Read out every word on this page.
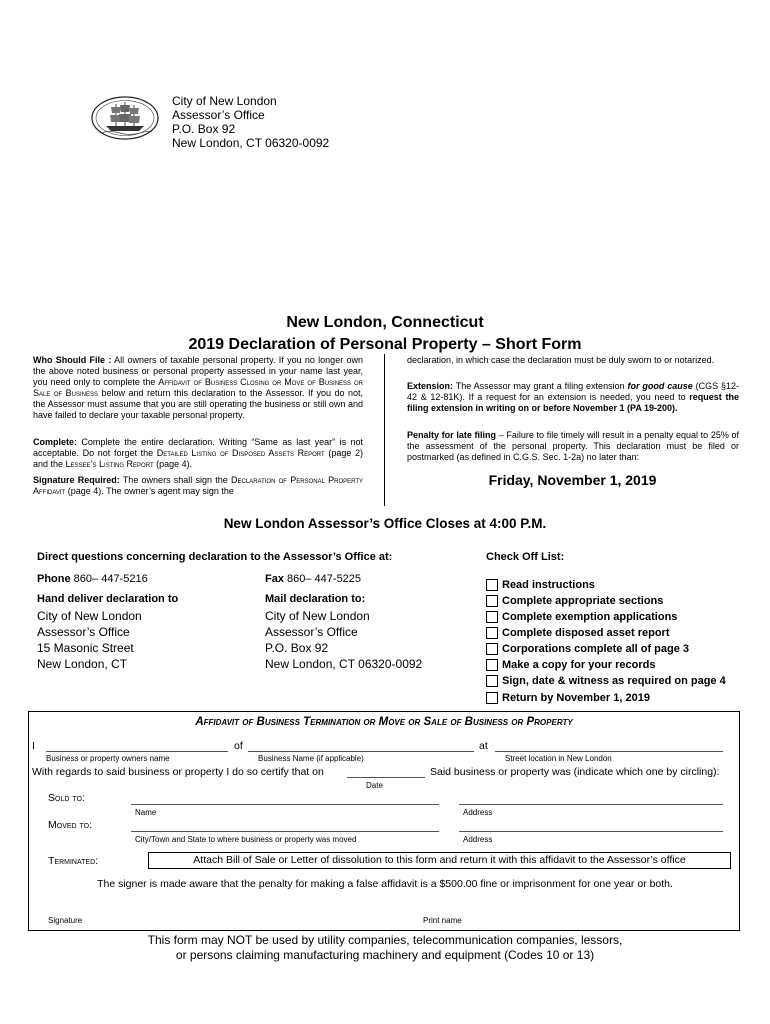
City of New London
Assessor’s Office
P.O. Box 92
New London, CT 06320-0092
New London, Connecticut
2019 Declaration of Personal Property – Short Form
Who Should File : All owners of taxable personal property. If you no longer own the above noted business or personal property assessed in your name last year, you need only to complete the Affidavit of Business Closing or Move of Business or Sale of Business below and return this declaration to the Assessor. If you do not, the Assessor must assume that you are still operating the business or still own and have failed to declare your taxable personal property.
Complete: Complete the entire declaration. Writing “Same as last year” is not acceptable. Do not forget the Detailed Listing of Disposed Assets Report (page 2) and the Lessee’s Listing Report (page 4).
Signature Required: The owners shall sign the Declaration of Personal Property Affidavit (page 4). The owner’s agent may sign the
declaration, in which case the declaration must be duly sworn to or notarized.
Extension: The Assessor may grant a filing extension for good cause (CGS §12-42 & 12-81K). If a request for an extension is needed, you need to request the filing extension in writing on or before November 1 (PA 19-200).
Penalty for late filing – Failure to file timely will result in a penalty equal to 25% of the assessment of the personal property. This declaration must be filed or postmarked (as defined in C.G.S. Sec. 1-2a) no later than:
Friday, November 1, 2019
New London Assessor’s Office Closes at 4:00 P.M.
Direct questions concerning declaration to the Assessor’s Office at:
Phone 860– 447-5216	Fax 860– 447-5225
Hand deliver declaration to
City of New London
Assessor’s Office
15 Masonic Street
New London, CT
Mail declaration to:
City of New London
Assessor’s Office
P.O. Box 92
New London, CT 06320-0092
Check Off List:
Read instructions
Complete appropriate sections
Complete exemption applications
Complete disposed asset report
Corporations complete all of page 3
Make a copy for your records
Sign, date & witness as required on page 4
Return by November 1, 2019
Affidavit of Business Termination or Move or Sale of Business or Property
I	of	at
Business or property owners name	Business Name (if applicable)	Street location in New London
With regards to said business or property I do so certify that on	Said business or property was (indicate which one by circling):
Date
Sold to:
Name	Address
Moved to:
City/Town and State to where business or property was moved	Address
Terminated:	Attach Bill of Sale or Letter of dissolution to this form and return it with this affidavit to the Assessor’s office
The signer is made aware that the penalty for making a false affidavit is a $500.00 fine or imprisonment for one year or both.
Signature	Print name
This form may NOT be used by utility companies, telecommunication companies, lessors,
or persons claiming manufacturing machinery and equipment (Codes 10 or 13)
